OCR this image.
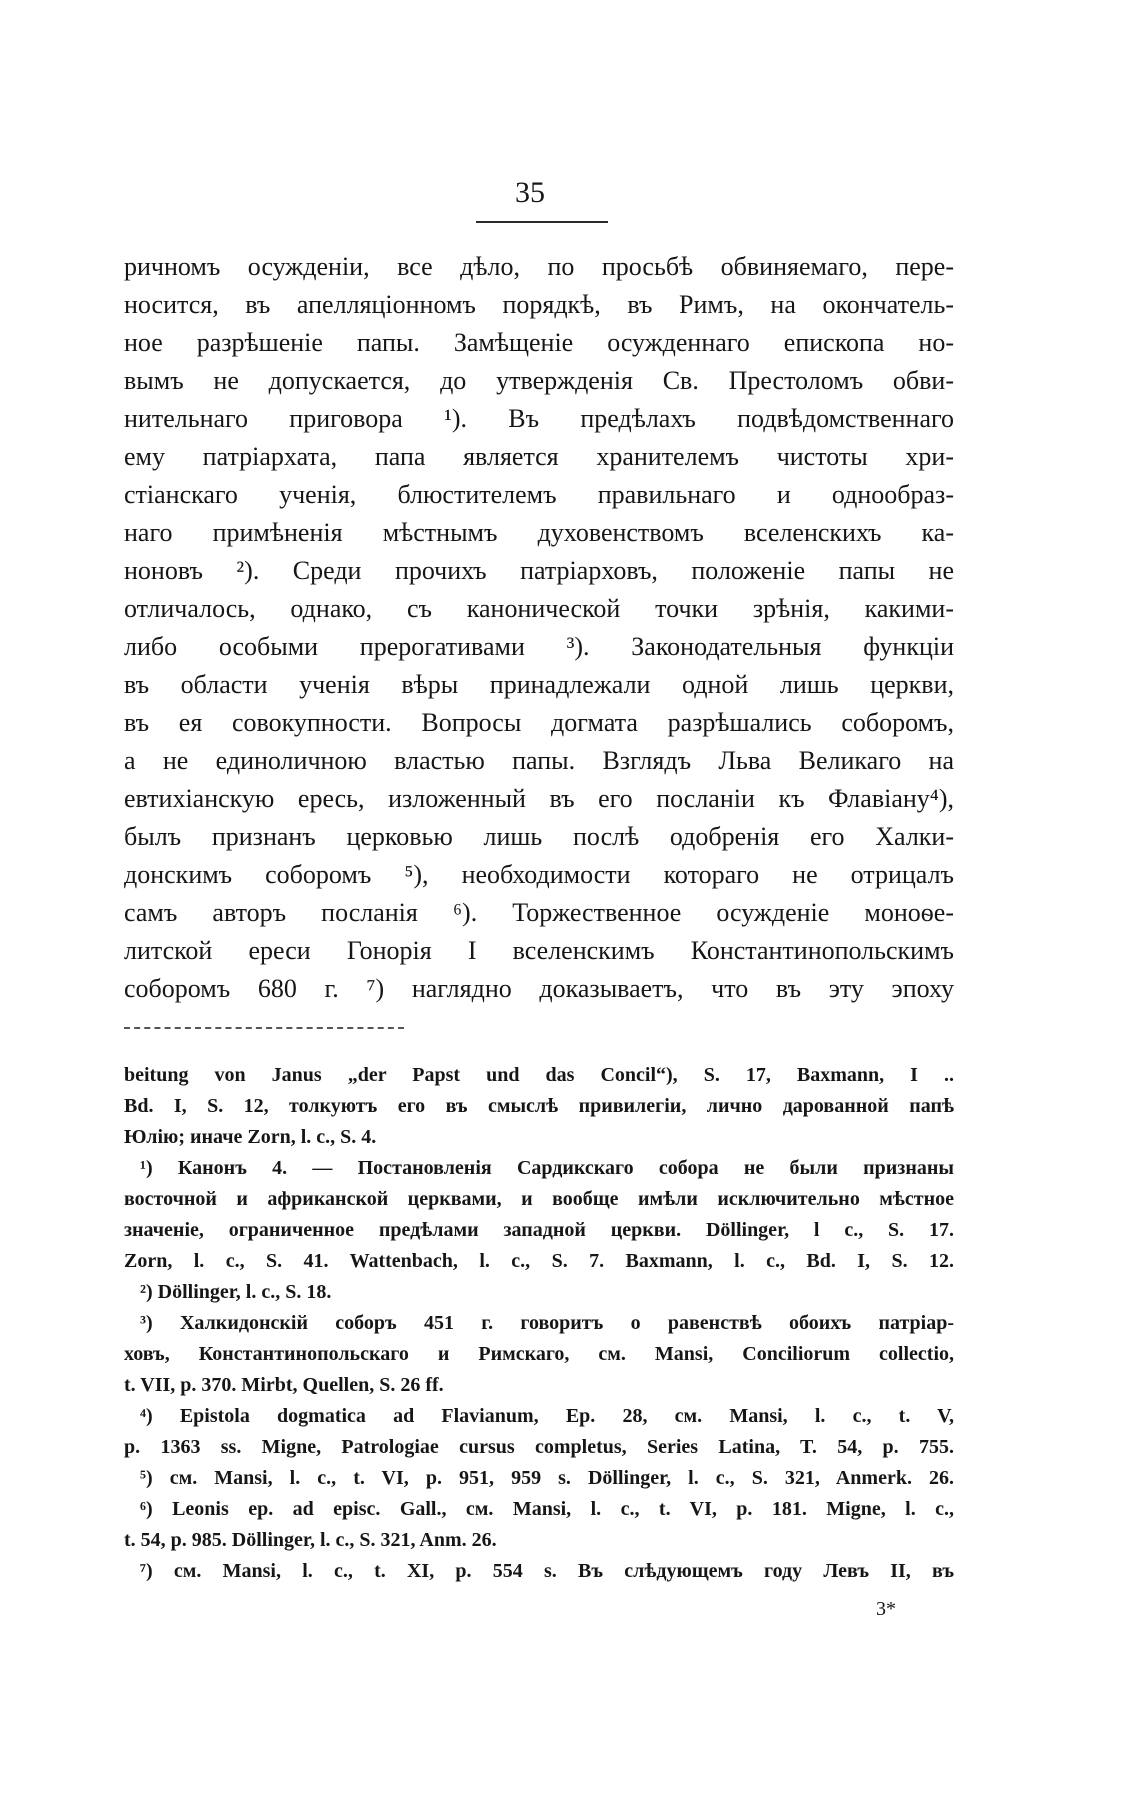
35
ричномъ осужденіи, все дѣло, по просьбѣ обвиняемаго, пере-
носится, въ апелляціонномъ порядкѣ, въ Римъ, на окончатель-
ное разрѣшеніе папы. Замѣщеніе осужденнаго епископа но-
вымъ не допускается, до утвержденія Св. Престоломъ обви-
нительнаго приговора ¹). Въ предѣлахъ подвѣдомственнаго
ему патріархата, папа является хранителемъ чистоты хри-
стіанскаго ученія, блюстителемъ правильнаго и однообраз-
наго примѣненія мѣстнымъ духовенствомъ вселенскихъ ка-
ноновъ ²). Среди прочихъ патріарховъ, положеніе папы не
отличалось, однако, съ канонической точки зрѣнія, какими-
либо особыми прерогативами ³). Законодательныя функціи
въ области ученія вѣры принадлежали одной лишь церкви,
въ ея совокупности. Вопросы догмата разрѣшались соборомъ,
а не единоличною властью папы. Взглядъ Льва Великаго на
евтихіанскую ересь, изложенный въ его посланіи къ Флавіану⁴),
былъ признанъ церковью лишь послѣ одобренія его Халки-
донскимъ соборомъ ⁵), необходимости котораго не отрицалъ
самъ авторъ посланія ⁶). Торжественное осужденіе моноѳе-
литской ереси Гонорія I вселенскимъ Константинопольскимъ
соборомъ 680 г. ⁷) наглядно доказываетъ, что въ эту эпоху
beitung von Janus „der Papst und das Concil“), S. 17, Baxmann, I ..
Bd. I, S. 12, толкуютъ его въ смыслѣ привилегіи, лично дарованной папѣ
Юлію; иначе Zorn, l. c., S. 4.
¹) Канонъ 4. — Постановленія Сардикскаго собора не были признаны
восточной и африканской церквами, и вообще имѣли исключительно мѣстное
значеніе, ограниченное предѣлами западной церкви. Döllinger, l c., S. 17.
Zorn, l. c., S. 41. Wattenbach, l. c., S. 7. Baxmann, l. c., Bd. I, S. 12.
²) Döllinger, l. c., S. 18.
³) Халкидонскій соборъ 451 г. говоритъ о равенствѣ обоихъ патріар-
ховъ, Константинопольскаго и Римскаго, см. Mansi, Conciliorum collectio,
t. VII, p. 370. Mirbt, Quellen, S. 26 ff.
⁴) Epistola dogmatica ad Flavianum, Ep. 28, см. Mansi, l. c., t. V,
p. 1363 ss. Migne, Patrologiae cursus completus, Series Latina, T. 54, p. 755.
⁵) см. Mansi, l. c., t. VI, p. 951, 959 s. Döllinger, l. c., S. 321, Anmerk. 26.
⁶) Leonis ep. ad episc. Gall., см. Mansi, l. c., t. VI, p. 181. Migne, l. c.,
t. 54, p. 985. Döllinger, l. c., S. 321, Anm. 26.
⁷) см. Mansi, l. c., t. XI, p. 554 s. Въ слѣдующемъ году Левъ II, въ
3*
